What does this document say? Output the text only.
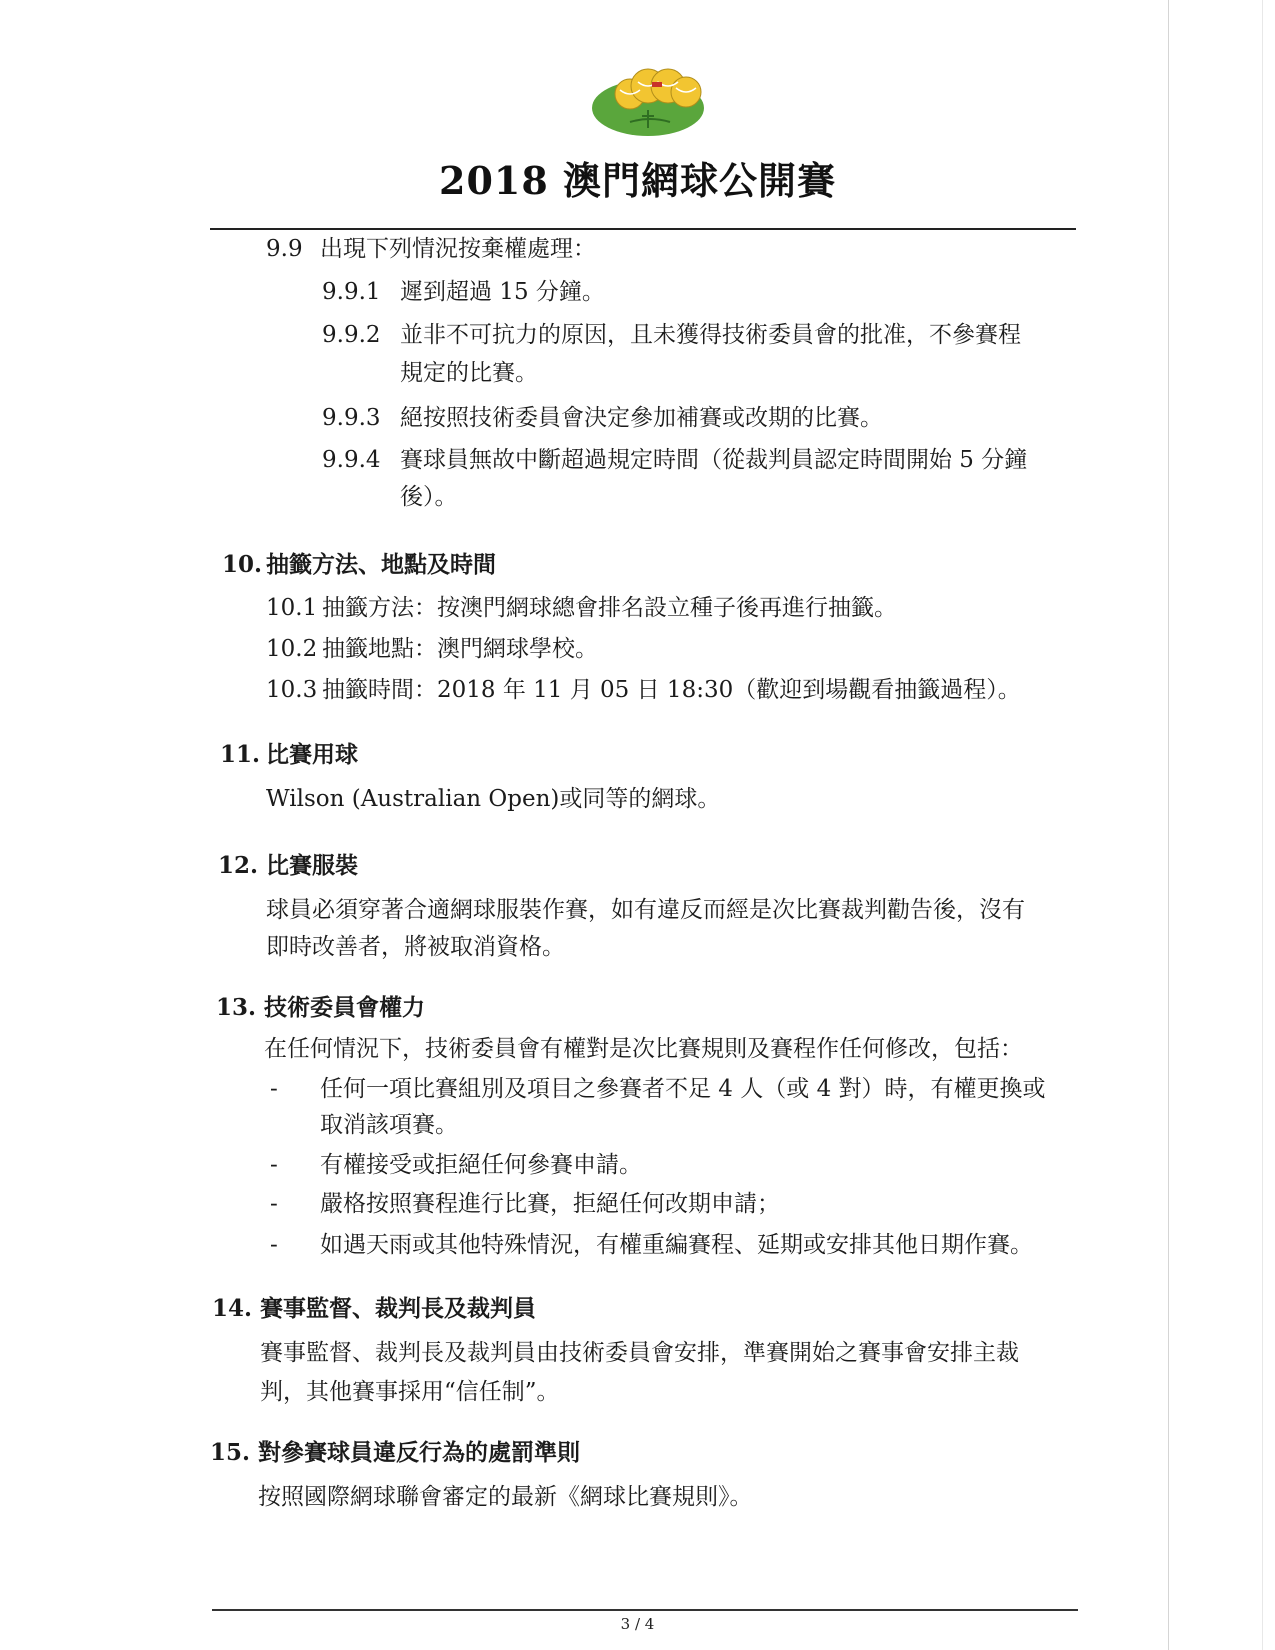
2018 澳門網球公開賽
9.9 出現下列情況按棄權處理：
9.9.1 遲到超過 15 分鐘。
9.9.2 並非不可抗力的原因，且未獲得技術委員會的批准，不參賽程
規定的比賽。
9.9.3 絕按照技術委員會決定參加補賽或改期的比賽。
9.9.4 賽球員無故中斷超過規定時間（從裁判員認定時間開始 5 分鐘
後）。
10. 抽籤方法、地點及時間
10.1 抽籤方法：按澳門網球總會排名設立種子後再進行抽籤。
10.2 抽籤地點：澳門網球學校。
10.3 抽籤時間：2018 年 11 月 05 日 18:30（歡迎到場觀看抽籤過程）。
11. 比賽用球
Wilson (Australian Open)或同等的網球。
12. 比賽服裝
球員必須穿著合適網球服裝作賽，如有違反而經是次比賽裁判勸告後，沒有
即時改善者，將被取消資格。
13. 技術委員會權力
在任何情況下，技術委員會有權對是次比賽規則及賽程作任何修改，包括：
- 任何一項比賽組別及項目之參賽者不足 4 人（或 4 對）時，有權更換或
取消該項賽。
- 有權接受或拒絕任何參賽申請。
- 嚴格按照賽程進行比賽，拒絕任何改期申請；
- 如遇天雨或其他特殊情況，有權重編賽程、延期或安排其他日期作賽。
14. 賽事監督、裁判長及裁判員
賽事監督、裁判長及裁判員由技術委員會安排，準賽開始之賽事會安排主裁
判，其他賽事採用“信任制”。
15. 對參賽球員違反行為的處罰準則
按照國際網球聯會審定的最新《網球比賽規則》。
3 / 4
